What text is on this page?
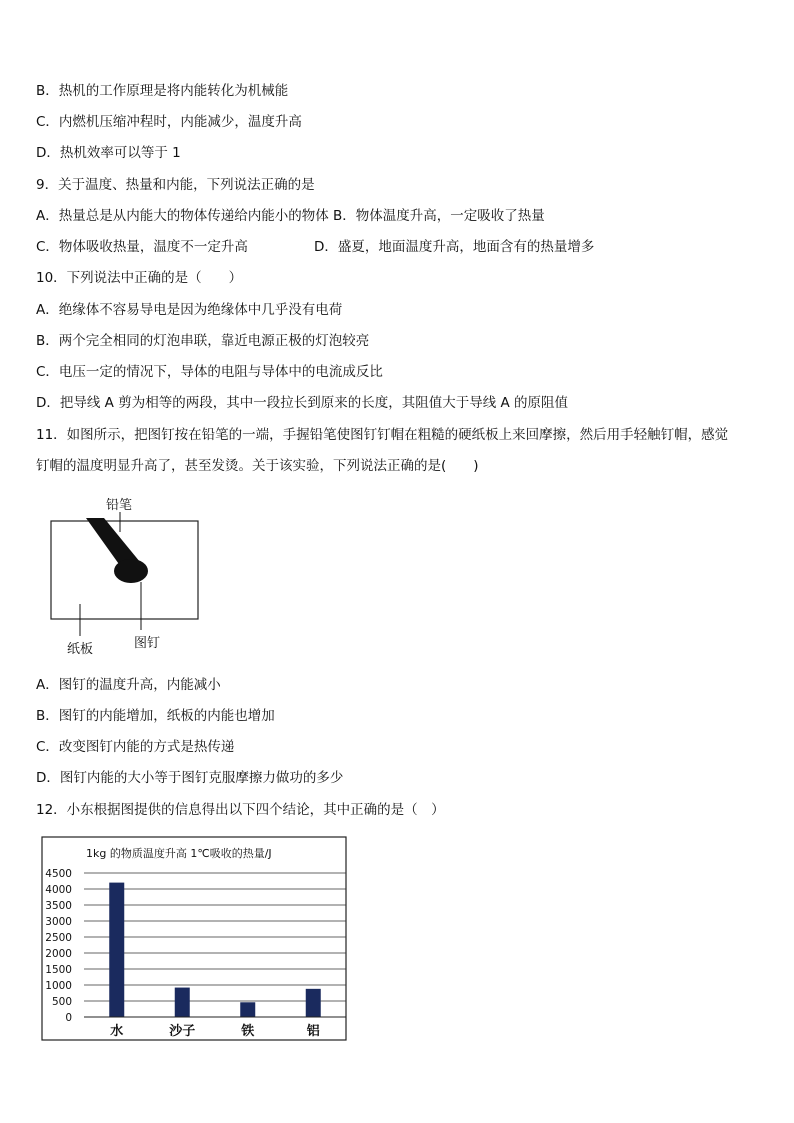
B．热机的工作原理是将内能转化为机械能
C．内燃机压缩冲程时，内能减少，温度升高
D．热机效率可以等于 1
9．关于温度、热量和内能，下列说法正确的是
A．热量总是从内能大的物体传递给内能小的物体 B．物体温度升高，一定吸收了热量
C．物体吸收热量，温度不一定升高	D．盛夏，地面温度升高，地面含有的热量增多
10．下列说法中正确的是（　　）
A．绝缘体不容易导电是因为绝缘体中几乎没有电荷
B．两个完全相同的灯泡串联，靠近电源正极的灯泡较亮
C．电压一定的情况下，导体的电阻与导体中的电流成反比
D．把导线 A 剪为相等的两段，其中一段拉长到原来的长度，其阻值大于导线 A 的原阻值
11．如图所示，把图钉按在铅笔的一端，手握铅笔使图钉钉帽在粗糙的硬纸板上来回摩擦，然后用手轻触钉帽，感觉
钉帽的温度明显升高了，甚至发烫。关于该实验，下列说法正确的是(　　)
铅笔
纸板	图钉
A．图钉的温度升高，内能减小
B．图钉的内能增加，纸板的内能也增加
C．改变图钉内能的方式是热传递
D．图钉内能的大小等于图钉克服摩擦力做功的多少
12．小东根据图提供的信息得出以下四个结论，其中正确的是（　）
1kg 的物质温度升高 1℃吸收的热量/J
0
500
1000
1500
2000
2500
3000
3500
4000
4500
水	沙子	铁	铝
